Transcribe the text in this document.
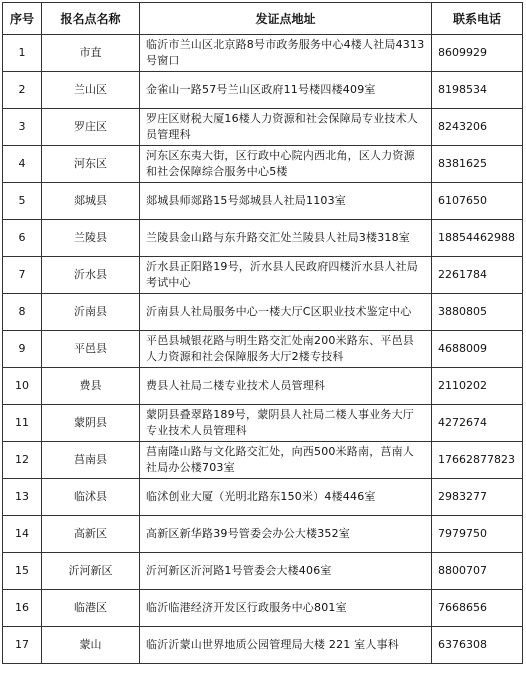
序号	报名点名称	发证点地址	联系电话
1	市直	临沂市兰山区北京路8号市政务服务中心4楼人社局4313号窗口	8609929
2	兰山区	金雀山一路57号兰山区政府11号楼四楼409室	8198534
3	罗庄区	罗庄区财税大厦16楼人力资源和社会保障局专业技术人员管理科	8243206
4	河东区	河东区东夷大街，区行政中心院内西北角，区人力资源和社会保障综合服务中心5楼	8381625
5	郯城县	郯城县师郯路15号郯城县人社局1103室	6107650
6	兰陵县	兰陵县金山路与东升路交汇处兰陵县人社局3楼318室	18854462988
7	沂水县	沂水县正阳路19号，沂水县人民政府四楼沂水县人社局考试中心	2261784
8	沂南县	沂南县人社局服务中心一楼大厅C区职业技术鉴定中心	3880805
9	平邑县	平邑县城银花路与明生路交汇处南200米路东、平邑县人力资源和社会保障服务大厅2楼专技科	4688009
10	费县	费县人社局二楼专业技术人员管理科	2110202
11	蒙阴县	蒙阴县叠翠路189号，蒙阴县人社局二楼人事业务大厅专业技术人员管理科	4272674
12	莒南县	莒南隆山路与文化路交汇处，向西500米路南，莒南人社局办公楼703室	17662877823
13	临沭县	临沭创业大厦（光明北路东150米）4楼446室	2983277
14	高新区	高新区新华路39号管委会办公大楼352室	7979750
15	沂河新区	沂河新区沂河路1号管委会大楼406室	8800707
16	临港区	临沂临港经济开发区行政服务中心801室	7668656
17	蒙山	临沂沂蒙山世界地质公园管理局大楼 221 室人事科	6376308
